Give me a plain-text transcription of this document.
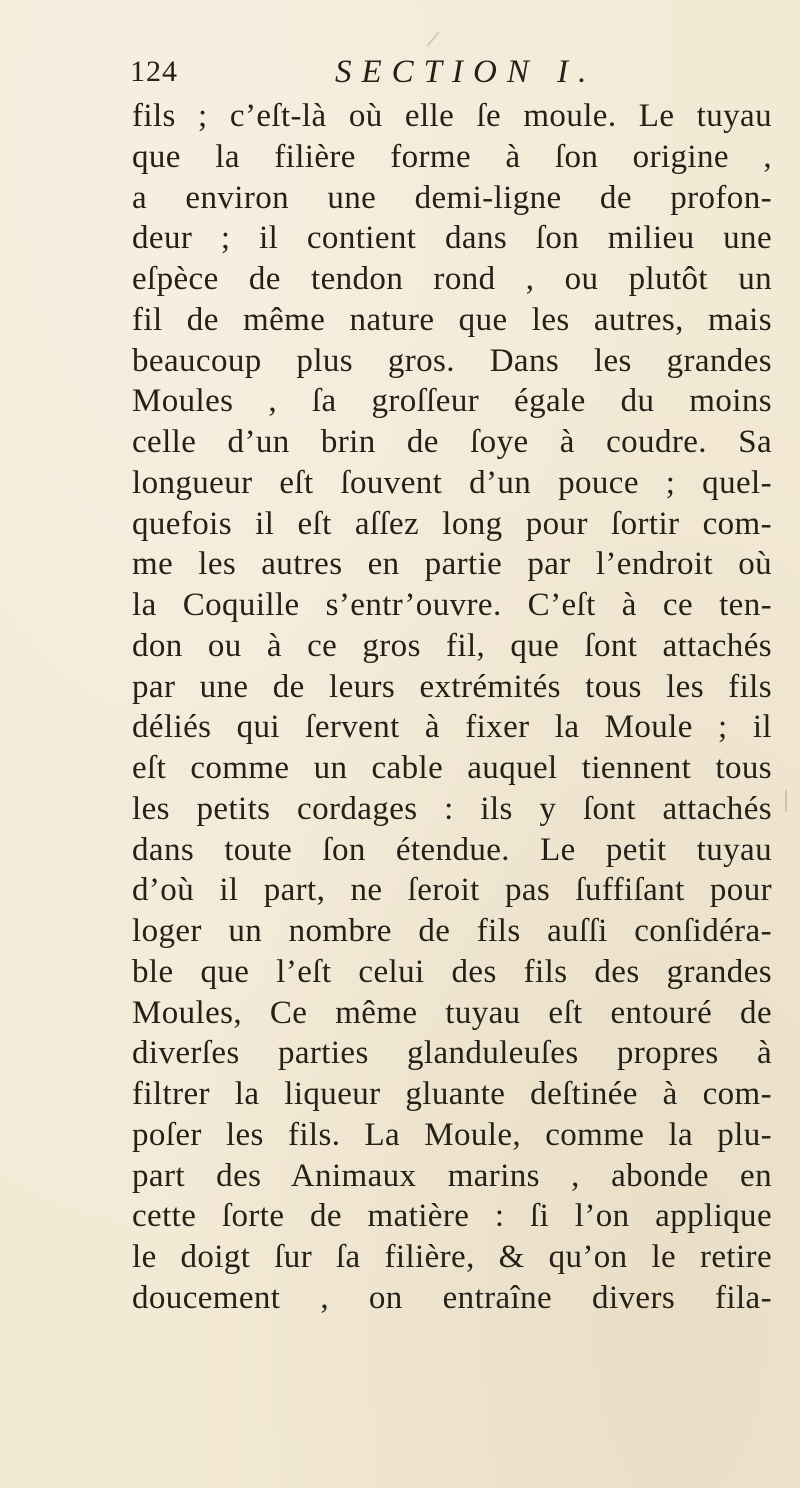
124	SECTION I.
fils ; c’eſt-là où elle ſe moule. Le tuyau
que la filière forme à ſon origine ,
a environ une demi-ligne de profon-
deur ; il contient dans ſon milieu une
eſpèce de tendon rond , ou plutôt un
fil de même nature que les autres, mais
beaucoup plus gros. Dans les grandes
Moules , ſa groſſeur égale du moins
celle d’un brin de ſoye à coudre. Sa
longueur eſt ſouvent d’un pouce ; quel-
quefois il eſt aſſez long pour ſortir com-
me les autres en partie par l’endroit où
la Coquille s’entr’ouvre. C’eſt à ce ten-
don ou à ce gros fil, que ſont attachés
par une de leurs extrémités tous les fils
déliés qui ſervent à fixer la Moule ; il
eſt comme un cable auquel tiennent tous
les petits cordages : ils y ſont attachés
dans toute ſon étendue. Le petit tuyau
d’où il part, ne ſeroit pas ſuffiſant pour
loger un nombre de fils auſſi conſidéra-
ble que l’eſt celui des fils des grandes
Moules, Ce même tuyau eſt entouré de
diverſes parties glanduleuſes propres à
filtrer la liqueur gluante deſtinée à com-
poſer les fils. La Moule, comme la plu-
part des Animaux marins , abonde en
cette ſorte de matière : ſi l’on applique
le doigt ſur ſa filière, & qu’on le retire
doucement , on entraîne divers fila-
